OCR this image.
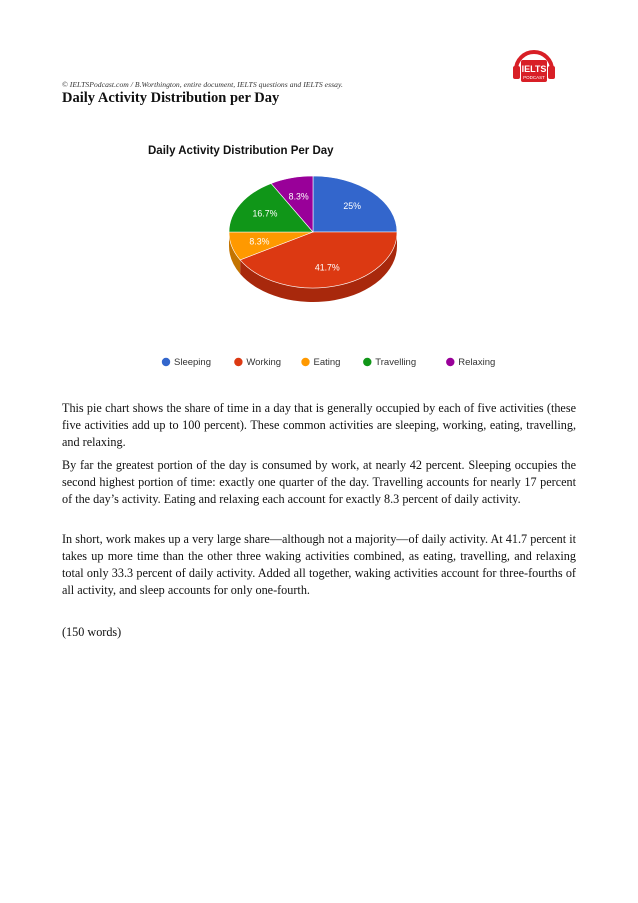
IELTS
PODCAST
© IELTSPodcast.com / B.Worthington, entire document, IELTS questions and IELTS essay.
Daily Activity Distribution per Day
Daily Activity Distribution Per Day
25%
41.7%
8.3%
16.7%
8.3%
Sleeping	Working	Eating	Travelling	Relaxing

This pie chart shows the share of time in a day that is generally occupied by each of five activities (these five activities add up to 100 percent). These common activities are sleeping, working, eating, travelling, and relaxing.

By far the greatest portion of the day is consumed by work, at nearly 42 percent. Sleeping occupies the second highest portion of time: exactly one quarter of the day. Travelling accounts for nearly 17 percent of the day’s activity. Eating and relaxing each account for exactly 8.3 percent of daily activity.

In short, work makes up a very large share—although not a majority—of daily activity. At 41.7 percent it takes up more time than the other three waking activities combined, as eating, travelling, and relaxing total only 33.3 percent of daily activity. Added all together, waking activities account for three-fourths of all activity, and sleep accounts for only one-fourth.

(150 words)
